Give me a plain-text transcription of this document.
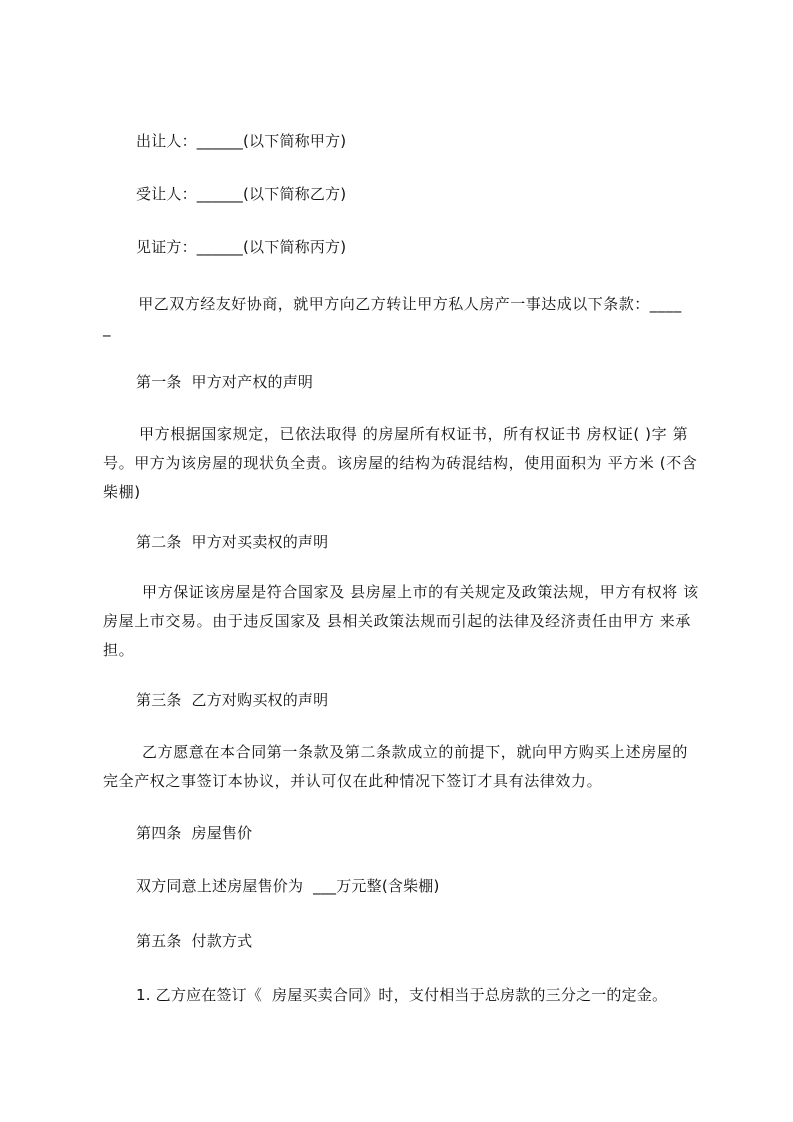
出让人：______(以下简称甲方)
受让人：______(以下简称乙方)
见证方：______(以下简称丙方)
甲乙双方经友好协商，就甲方向乙方转让甲方私人房产一事达成以下条款：____
_
第一条  甲方对产权的声明
甲方根据国家规定，已依法取得 的房屋所有权证书，所有权证书 房权证( )字 第 号。甲方为该房屋的现状负全责。该房屋的结构为砖混结构，使用面积为 平方米 (不含柴棚)
第二条  甲方对买卖权的声明
甲方保证该房屋是符合国家及 县房屋上市的有关规定及政策法规，甲方有权将 该房屋上市交易。由于违反国家及 县相关政策法规而引起的法律及经济责任由甲方 来承担。
第三条  乙方对购买权的声明
乙方愿意在本合同第一条款及第二条款成立的前提下，就向甲方购买上述房屋的 完全产权之事签订本协议，并认可仅在此种情况下签订才具有法律效力。
第四条  房屋售价
双方同意上述房屋售价为  ___万元整(含柴棚)
第五条  付款方式
1. 乙方应在签订《  房屋买卖合同》时，支付相当于总房款的三分之一的定金。
